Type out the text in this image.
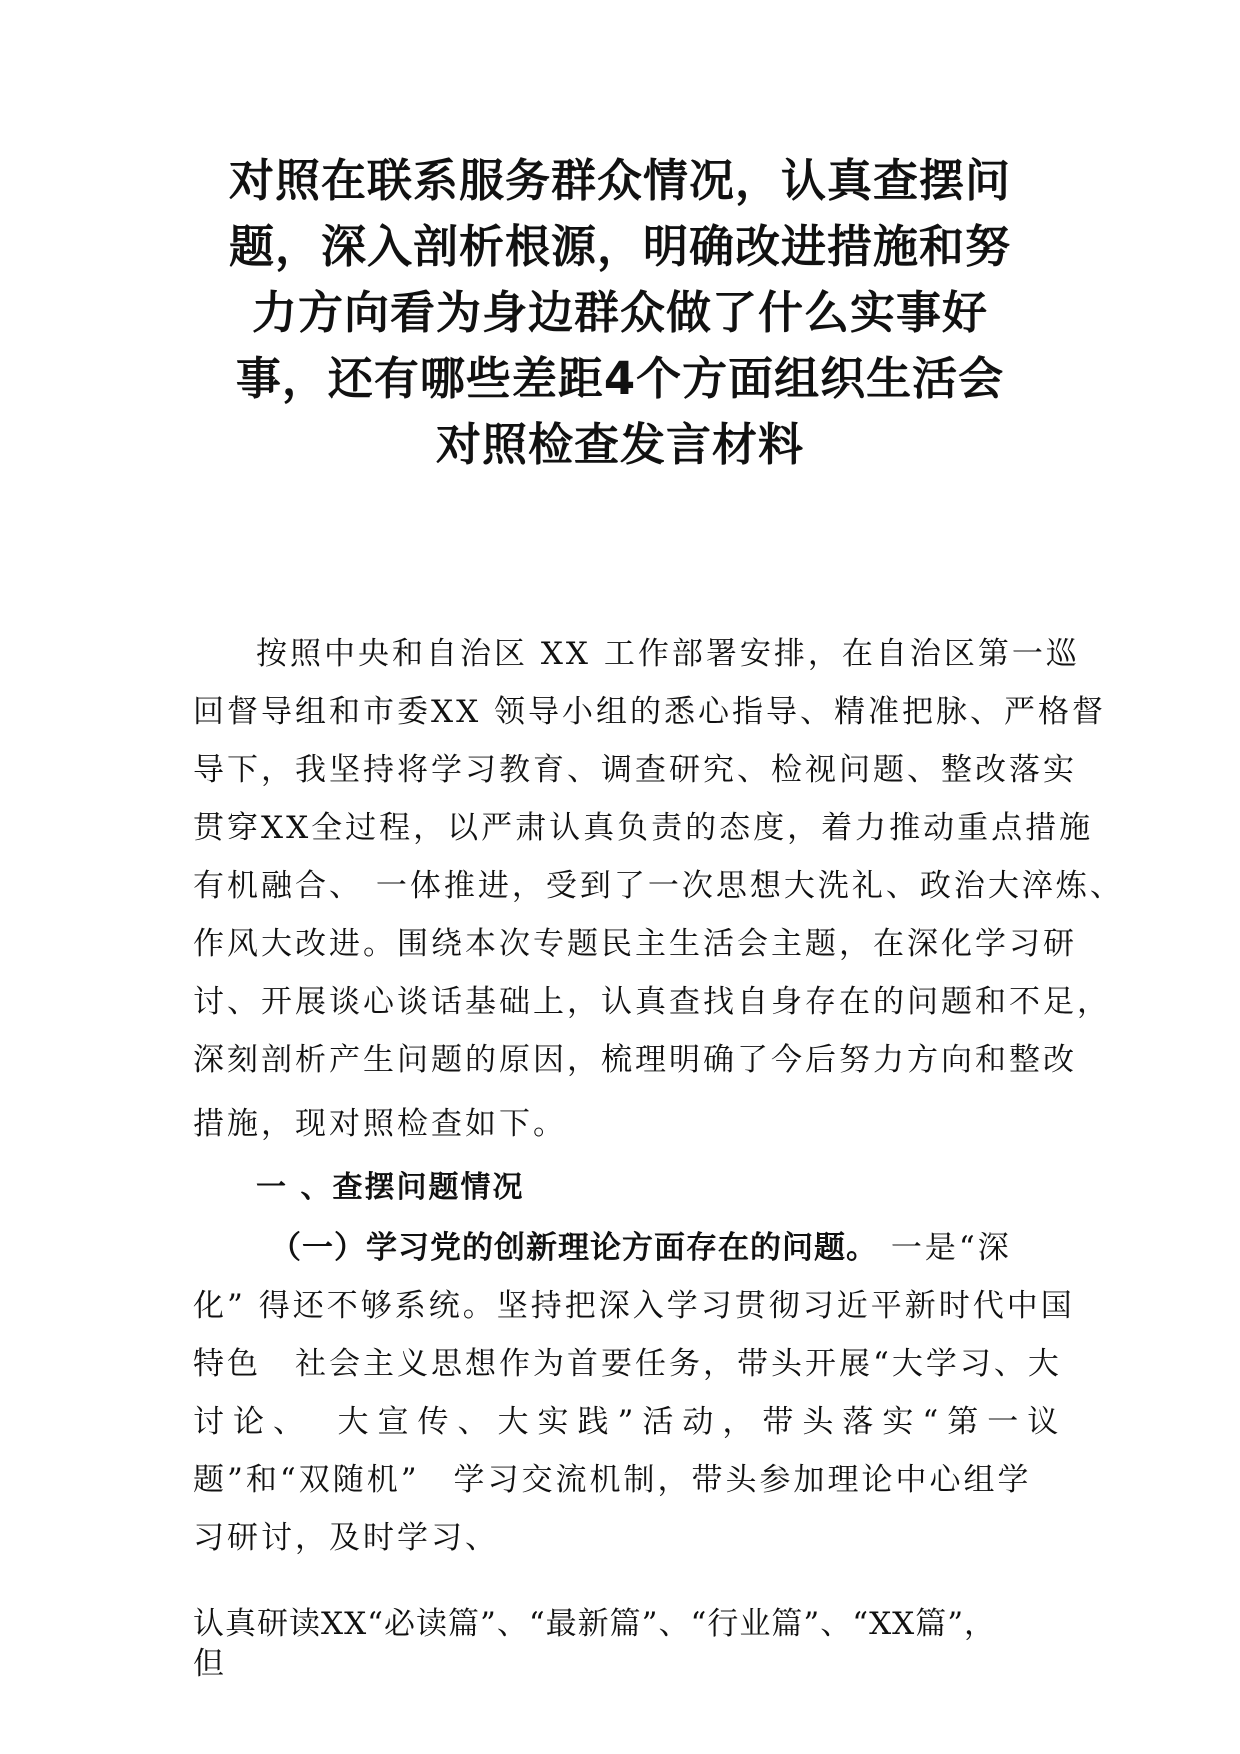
对照在联系服务群众情况，认真查摆问
题，深入剖析根源，明确改进措施和努
力方向看为身边群众做了什么实事好
事，还有哪些差距4个方面组织生活会
对照检查发言材料
按照中央和自治区 XX 工作部署安排，在自治区第一巡
回督导组和市委XX 领导小组的悉心指导、精准把脉、严格督
导下，我坚持将学习教育、调查研究、检视问题、整改落实
贯穿XX全过程，以严肃认真负责的态度，着力推动重点措施
有机融合、 一体推进，受到了一次思想大洗礼、政治大淬炼、
作风大改进。围绕本次专题民主生活会主题，在深化学习研
讨、开展谈心谈话基础上，认真查找自身存在的问题和不足，
深刻剖析产生问题的原因，梳理明确了今后努力方向和整改
措施，现对照检查如下。
一 、查摆问题情况
（一）学习党的创新理论方面存在的问题。 一是“深
化” 得还不够系统。坚持把深入学习贯彻习近平新时代中国
特色　社会主义思想作为首要任务，带头开展“大学习、大
讨论、　大宣传、大实践”活动，带头落实“第一议
题”和“双随机”　学习交流机制，带头参加理论中心组学
习研讨，及时学习、
认真研读XX“必读篇”、“最新篇”、“行业篇”、“XX篇”，
但
